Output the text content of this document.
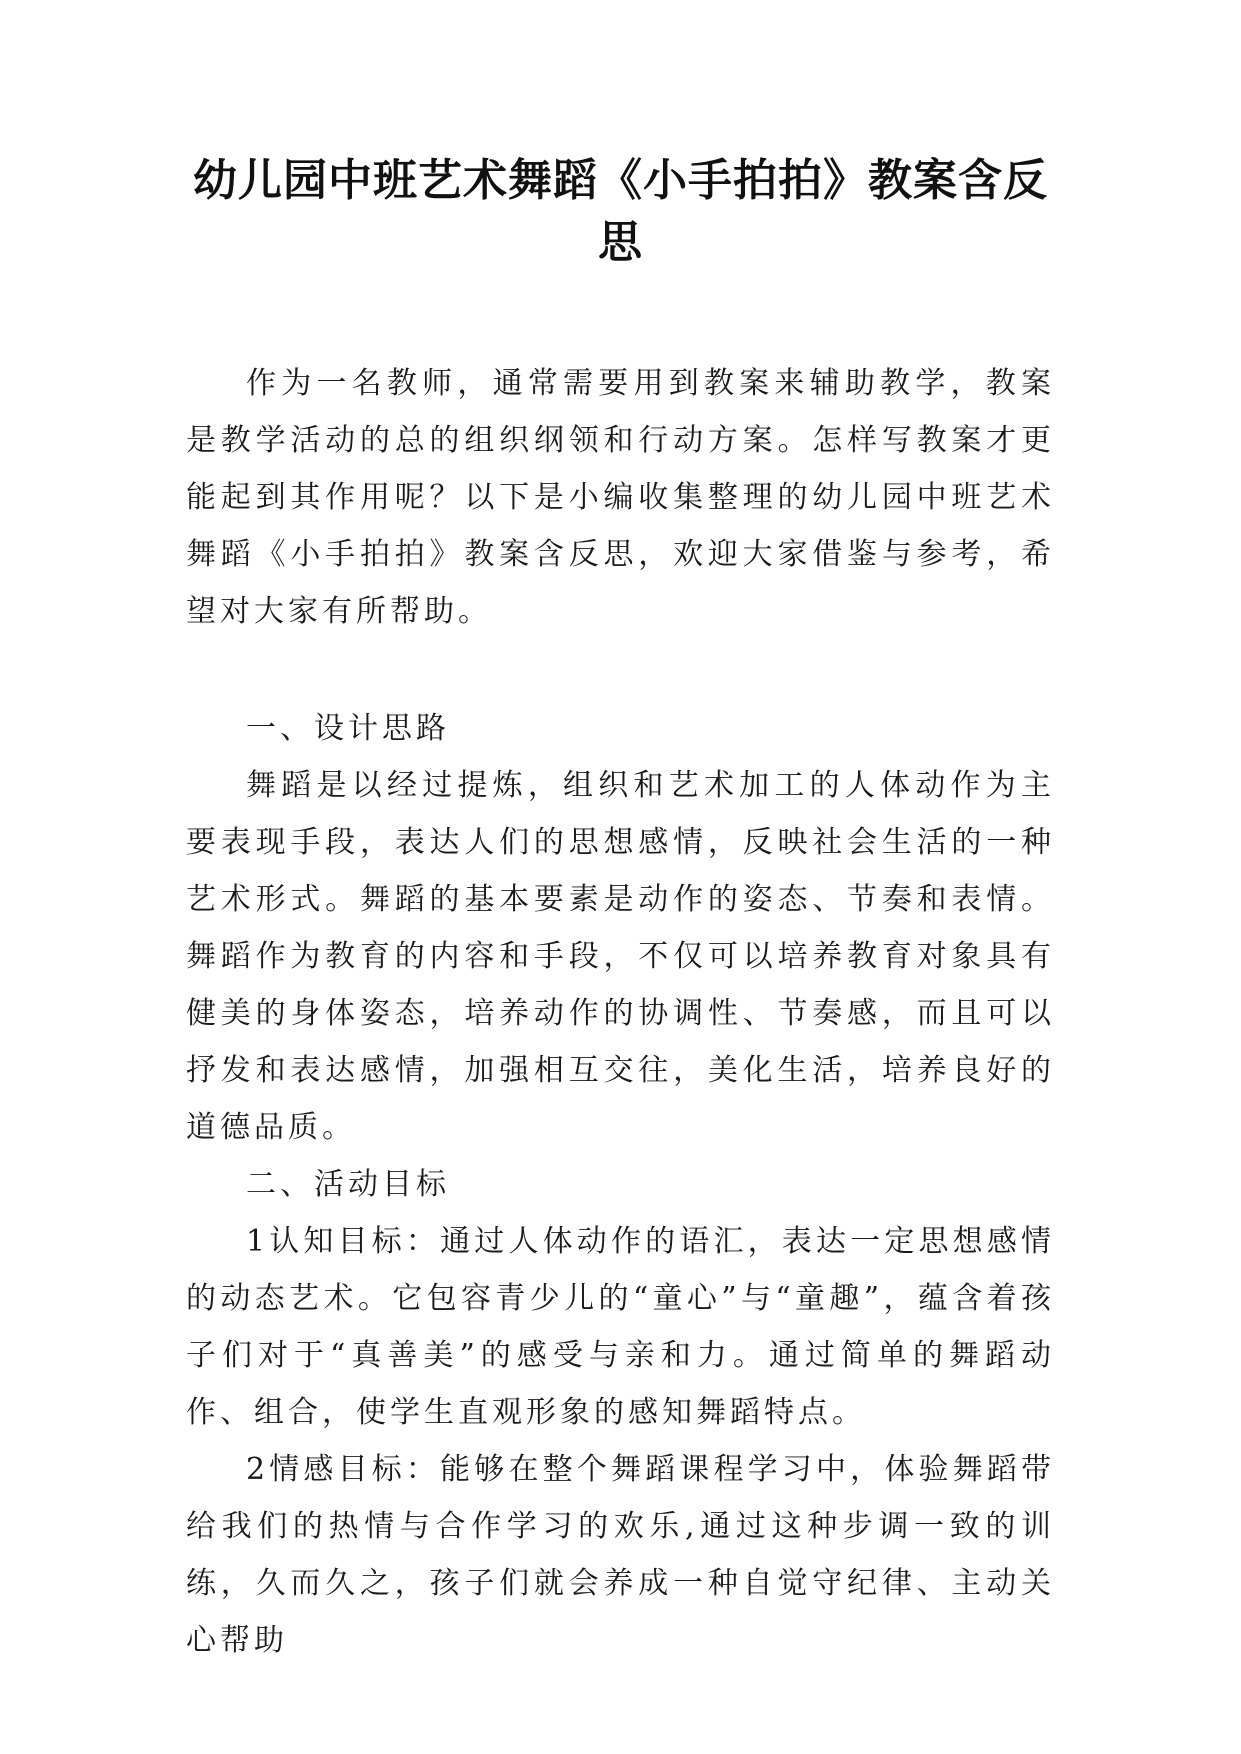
幼儿园中班艺术舞蹈《小手拍拍》教案含反思

作为一名教师，通常需要用到教案来辅助教学，教案是教学活动的总的组织纲领和行动方案。怎样写教案才更能起到其作用呢？以下是小编收集整理的幼儿园中班艺术舞蹈《小手拍拍》教案含反思，欢迎大家借鉴与参考，希望对大家有所帮助。

一、设计思路

舞蹈是以经过提炼，组织和艺术加工的人体动作为主要表现手段，表达人们的思想感情，反映社会生活的一种艺术形式。舞蹈的基本要素是动作的姿态、节奏和表情。舞蹈作为教育的内容和手段，不仅可以培养教育对象具有健美的身体姿态，培养动作的协调性、节奏感，而且可以抒发和表达感情，加强相互交往，美化生活，培养良好的道德品质。

二、活动目标

1认知目标：通过人体动作的语汇，表达一定思想感情的动态艺术。它包容青少儿的“童心”与“童趣”，蕴含着孩子们对于“真善美”的感受与亲和力。通过简单的舞蹈动作、组合，使学生直观形象的感知舞蹈特点。

2情感目标：能够在整个舞蹈课程学习中，体验舞蹈带给我们的热情与合作学习的欢乐,通过这种步调一致的训练，久而久之，孩子们就会养成一种自觉守纪律、主动关心帮助
